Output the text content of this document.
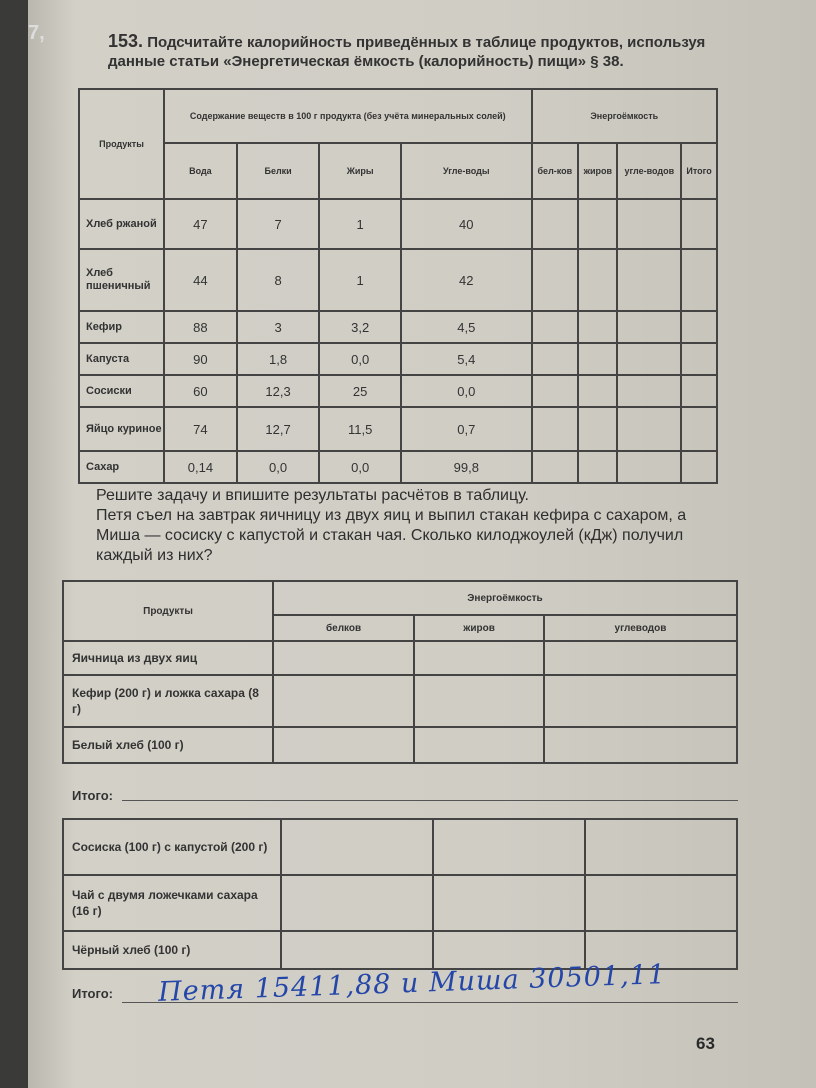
7,	153. Подсчитайте калорийность приведённых в таблице продуктов, используя данные статьи «Энергетическая ёмкость (калорийность) пищи» § 38.
Продукты	Содержание веществ в 100 г продукта (без учёта минеральных солей)				Энергоёмкость			
	Вода	Белки	Жиры	Угле-воды	бел-ков	жиров	угле-водов	Итого
Хлеб ржаной	47	7	1	40				
Хлеб пшеничный	44	8	1	42				
Кефир	88	3	3,2	4,5				
Капуста	90	1,8	0,0	5,4				
Сосиски	60	12,3	25	0,0				
Яйцо куриное	74	12,7	11,5	0,7				
Сахар	0,14	0,0	0,0	99,8				
Решите задачу и впишите результаты расчётов в таблицу.
Петя съел на завтрак яичницу из двух яиц и выпил стакан кефира с сахаром, а Миша — сосиску с капустой и стакан чая. Сколько килоджоулей (кДж) получил каждый из них?
Продукты	Энергоёмкость		
	белков	жиров	углеводов
Яичница из двух яиц			
Кефир (200 г) и ложка сахара (8 г)			
Белый хлеб (100 г)			
Итого:
Сосиска (100 г) с капустой (200 г)			
Чай с двумя ложечками сахара (16 г)			
Чёрный хлеб (100 г)			
Итого: Петя 15411,88 и Миша 30501,11
63
